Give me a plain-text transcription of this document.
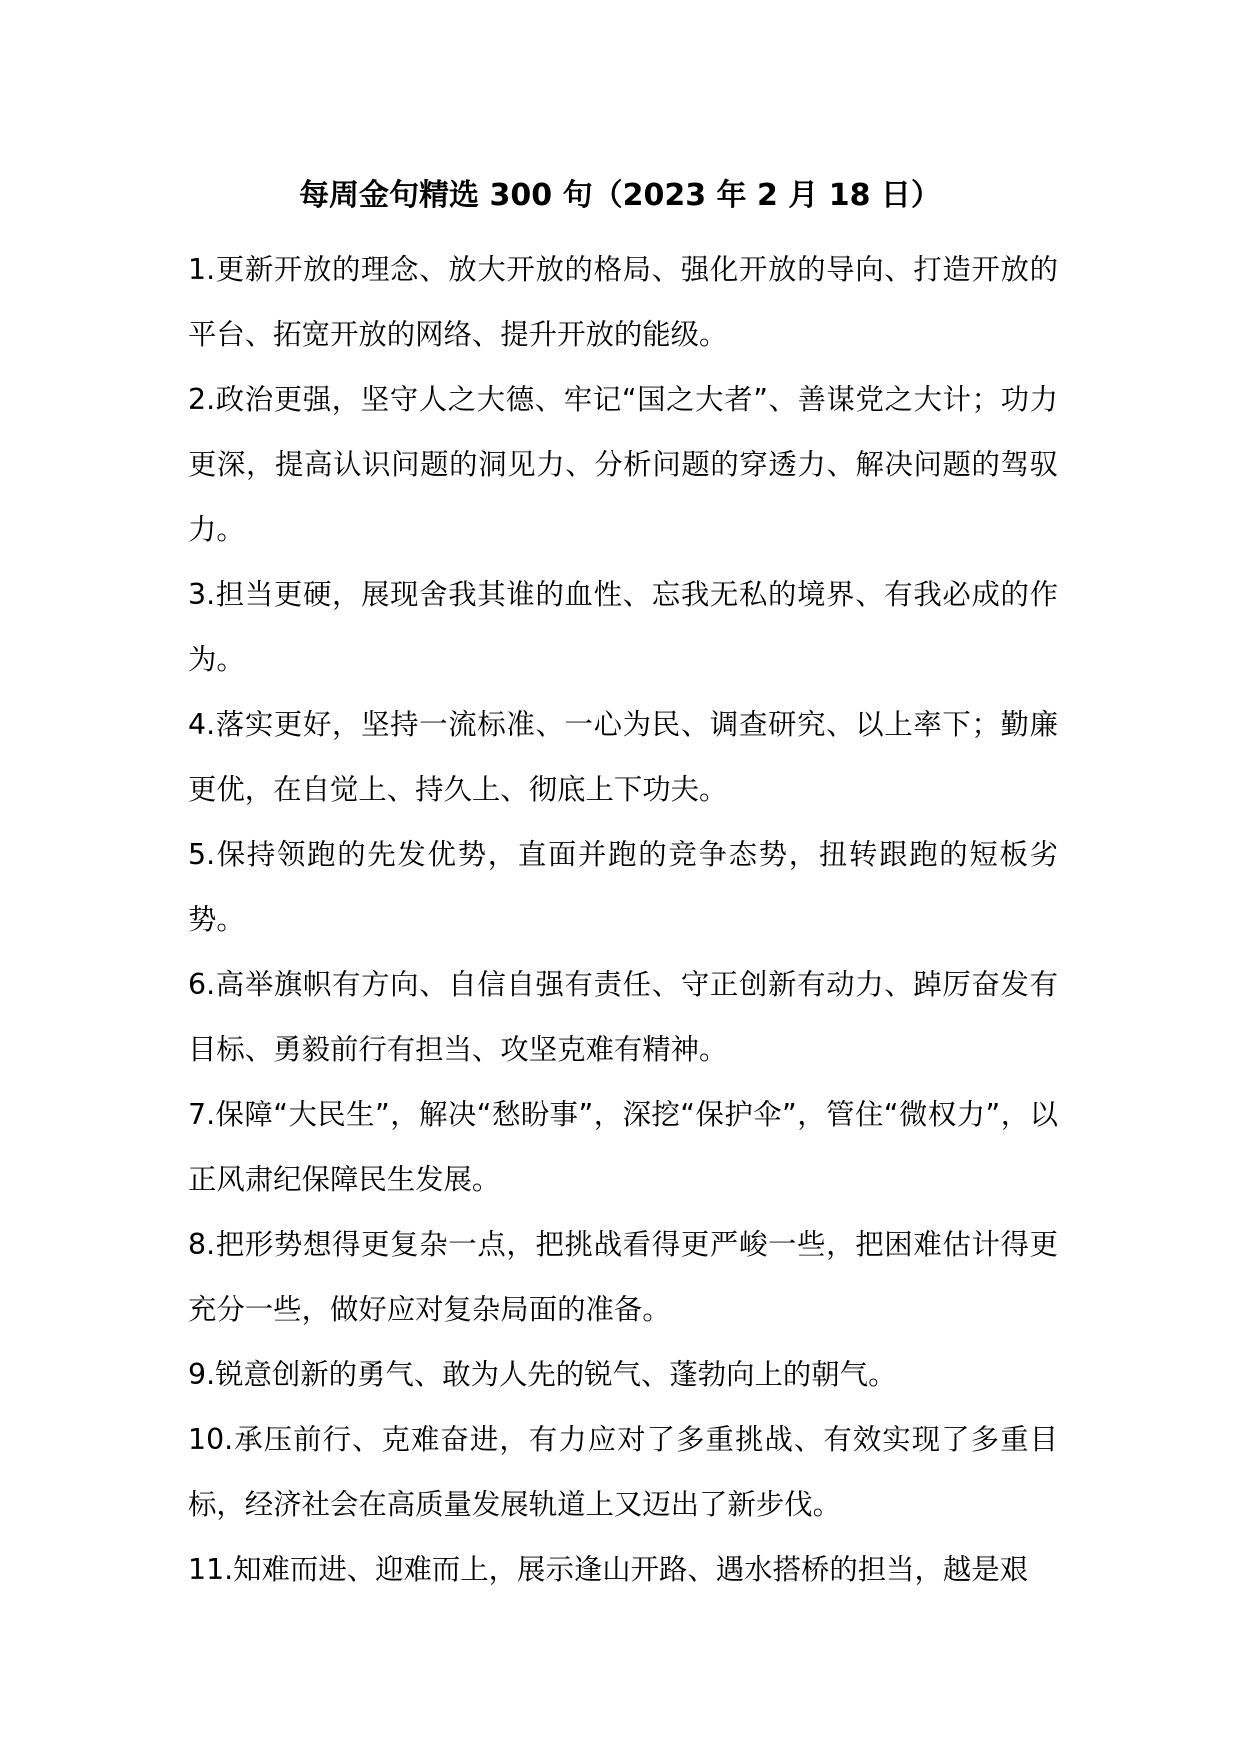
每周金句精选 300 句（2023 年 2 月 18 日）

1.更新开放的理念、放大开放的格局、强化开放的导向、打造开放的平台、拓宽开放的网络、提升开放的能级。

2.政治更强，坚守人之大德、牢记“国之大者”、善谋党之大计；功力更深，提高认识问题的洞见力、分析问题的穿透力、解决问题的驾驭力。

3.担当更硬，展现舍我其谁的血性、忘我无私的境界、有我必成的作为。

4.落实更好，坚持一流标准、一心为民、调查研究、以上率下；勤廉更优，在自觉上、持久上、彻底上下功夫。

5.保持领跑的先发优势，直面并跑的竞争态势，扭转跟跑的短板劣势。

6.高举旗帜有方向、自信自强有责任、守正创新有动力、踔厉奋发有目标、勇毅前行有担当、攻坚克难有精神。

7.保障“大民生”，解决“愁盼事”，深挖“保护伞”，管住“微权力”，以正风肃纪保障民生发展。

8.把形势想得更复杂一点，把挑战看得更严峻一些，把困难估计得更充分一些，做好应对复杂局面的准备。

9.锐意创新的勇气、敢为人先的锐气、蓬勃向上的朝气。

10.承压前行、克难奋进，有力应对了多重挑战、有效实现了多重目标，经济社会在高质量发展轨道上又迈出了新步伐。

11.知难而进、迎难而上，展示逢山开路、遇水搭桥的担当，越是艰
